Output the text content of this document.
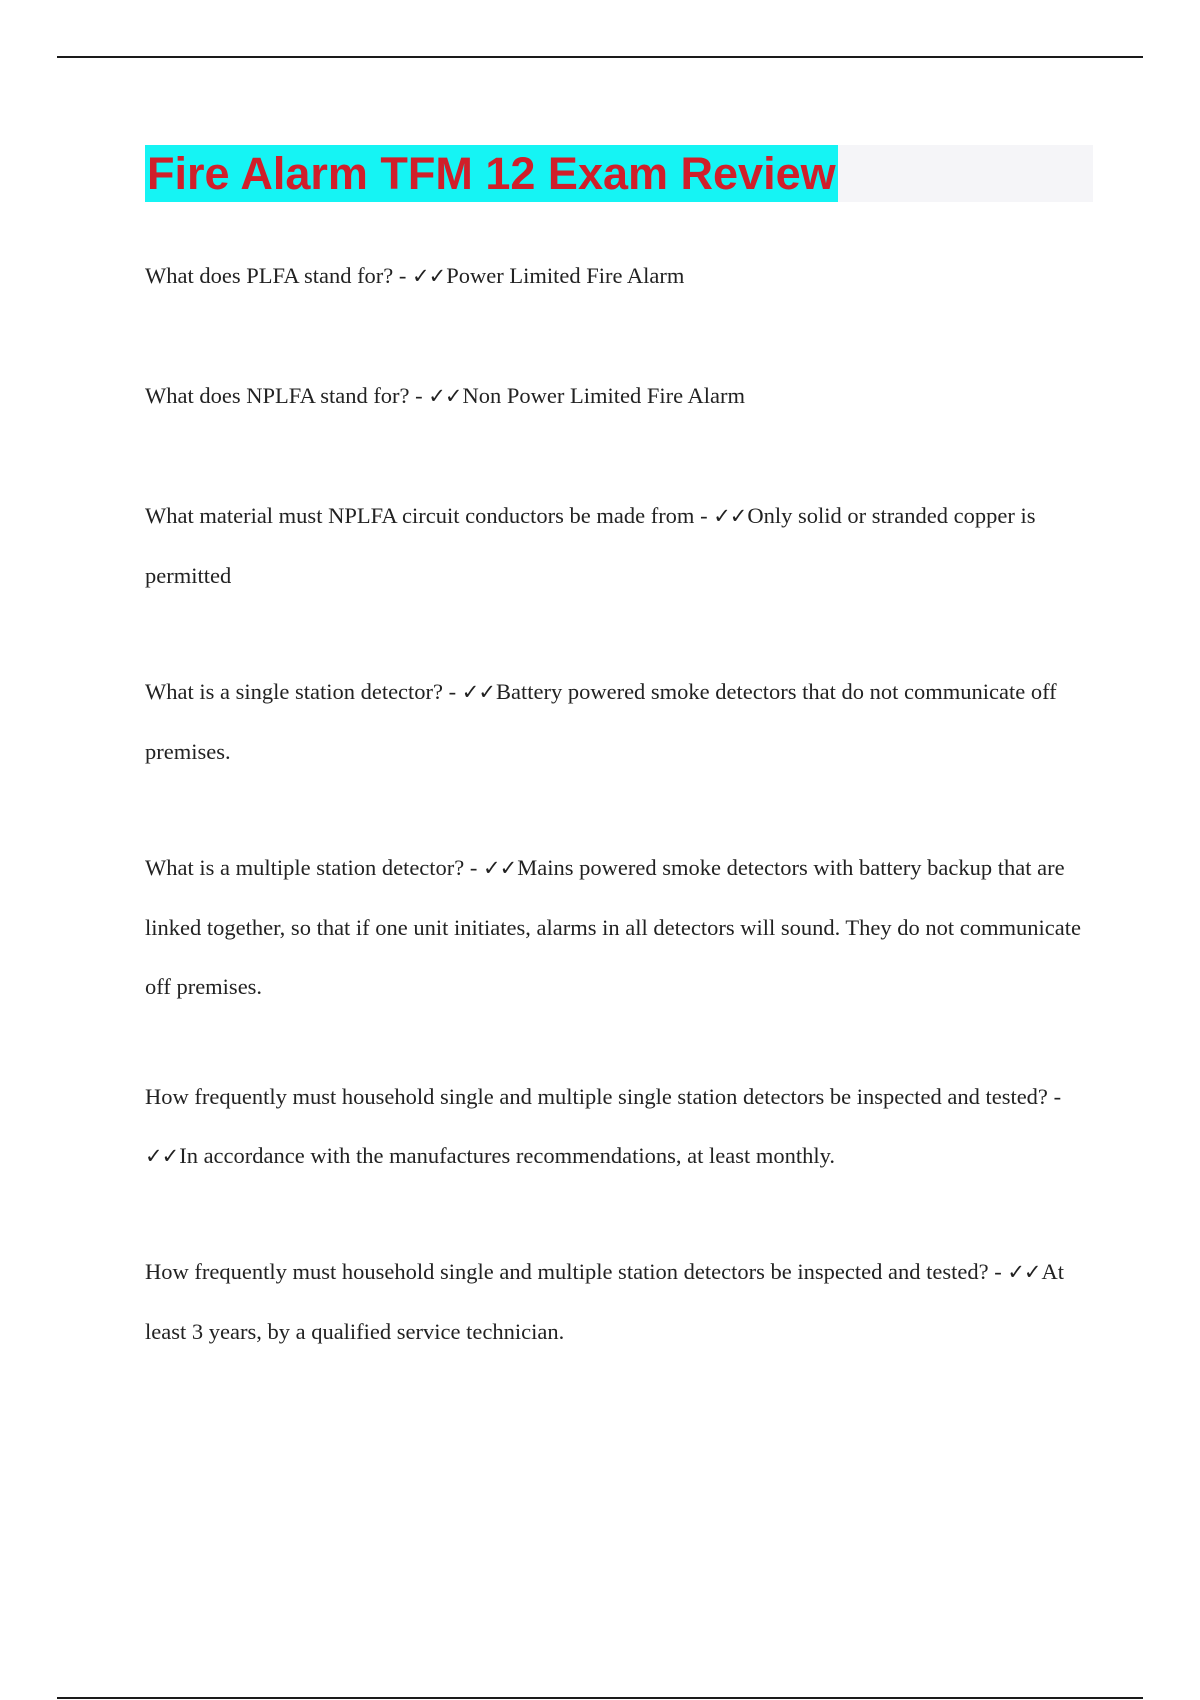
Fire Alarm TFM 12 Exam Review
What does PLFA stand for? - ✓✓Power Limited Fire Alarm
What does NPLFA stand for? - ✓✓Non Power Limited Fire Alarm
What material must NPLFA circuit conductors be made from - ✓✓Only solid or stranded copper is permitted
What is a single station detector? - ✓✓Battery powered smoke detectors that do not communicate off premises.
What is a multiple station detector? - ✓✓Mains powered smoke detectors with battery backup that are linked together, so that if one unit initiates, alarms in all detectors will sound. They do not communicate off premises.
How frequently must household single and multiple single station detectors be inspected and tested? - ✓✓In accordance with the manufactures recommendations, at least monthly.
How frequently must household single and multiple station detectors be inspected and tested? - ✓✓At least 3 years, by a qualified service technician.
